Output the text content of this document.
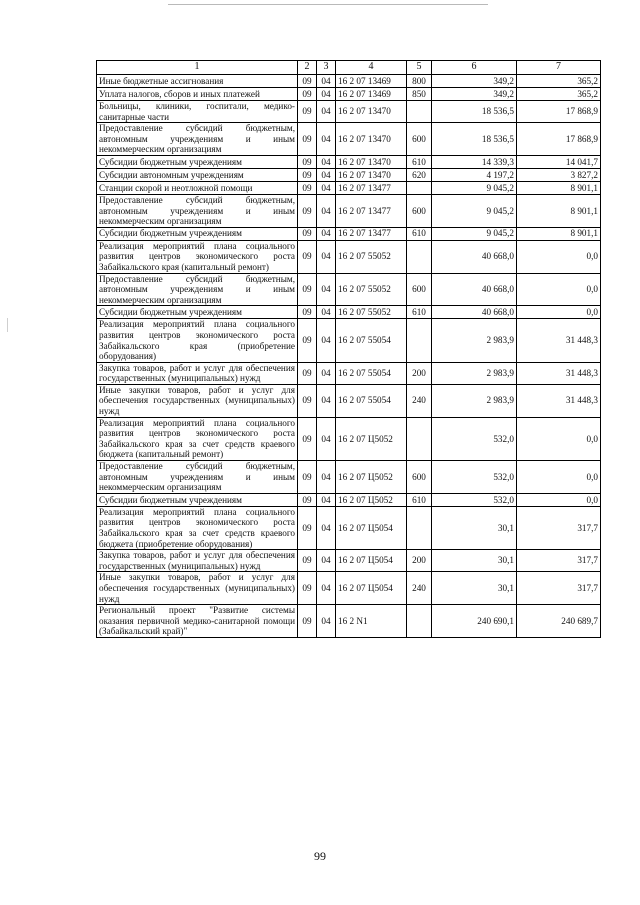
1	2	3	4	5	6	7
Иные бюджетные ассигнования	09	04	16 2 07 13469	800	349,2	365,2
Уплата налогов, сборов и иных платежей	09	04	16 2 07 13469	850	349,2	365,2
Больницы, клиники, госпитали, медико-санитарные части	09	04	16 2 07 13470		18 536,5	17 868,9
Предоставление субсидий бюджетным, автономным учреждениям и иным некоммерческим организациям	09	04	16 2 07 13470	600	18 536,5	17 868,9
Субсидии бюджетным учреждениям	09	04	16 2 07 13470	610	14 339,3	14 041,7
Субсидии автономным учреждениям	09	04	16 2 07 13470	620	4 197,2	3 827,2
Станции скорой и неотложной помощи	09	04	16 2 07 13477		9 045,2	8 901,1
Предоставление субсидий бюджетным, автономным учреждениям и иным некоммерческим организациям	09	04	16 2 07 13477	600	9 045,2	8 901,1
Субсидии бюджетным учреждениям	09	04	16 2 07 13477	610	9 045,2	8 901,1
Реализация мероприятий плана социального развития центров экономического роста Забайкальского края (капитальный ремонт)	09	04	16 2 07 55052		40 668,0	0,0
Предоставление субсидий бюджетным, автономным учреждениям и иным некоммерческим организациям	09	04	16 2 07 55052	600	40 668,0	0,0
Субсидии бюджетным учреждениям	09	04	16 2 07 55052	610	40 668,0	0,0
Реализация мероприятий плана социального развития центров экономического роста Забайкальского края (приобретение оборудования)	09	04	16 2 07 55054		2 983,9	31 448,3
Закупка товаров, работ и услуг для обеспечения государственных (муниципальных) нужд	09	04	16 2 07 55054	200	2 983,9	31 448,3
Иные закупки товаров, работ и услуг для обеспечения государственных (муниципальных) нужд	09	04	16 2 07 55054	240	2 983,9	31 448,3
Реализация мероприятий плана социального развития центров экономического роста Забайкальского края за счет средств краевого бюджета (капитальный ремонт)	09	04	16 2 07 Ц5052		532,0	0,0
Предоставление субсидий бюджетным, автономным учреждениям и иным некоммерческим организациям	09	04	16 2 07 Ц5052	600	532,0	0,0
Субсидии бюджетным учреждениям	09	04	16 2 07 Ц5052	610	532,0	0,0
Реализация мероприятий плана социального развития центров экономического роста Забайкальского края за счет средств краевого бюджета (приобретение оборудования)	09	04	16 2 07 Ц5054		30,1	317,7
Закупка товаров, работ и услуг для обеспечения государственных (муниципальных) нужд	09	04	16 2 07 Ц5054	200	30,1	317,7
Иные закупки товаров, работ и услуг для обеспечения государственных (муниципальных) нужд	09	04	16 2 07 Ц5054	240	30,1	317,7
Региональный проект "Развитие системы оказания первичной медико-санитарной помощи (Забайкальский край)"	09	04	16 2 N1		240 690,1	240 689,7
99
